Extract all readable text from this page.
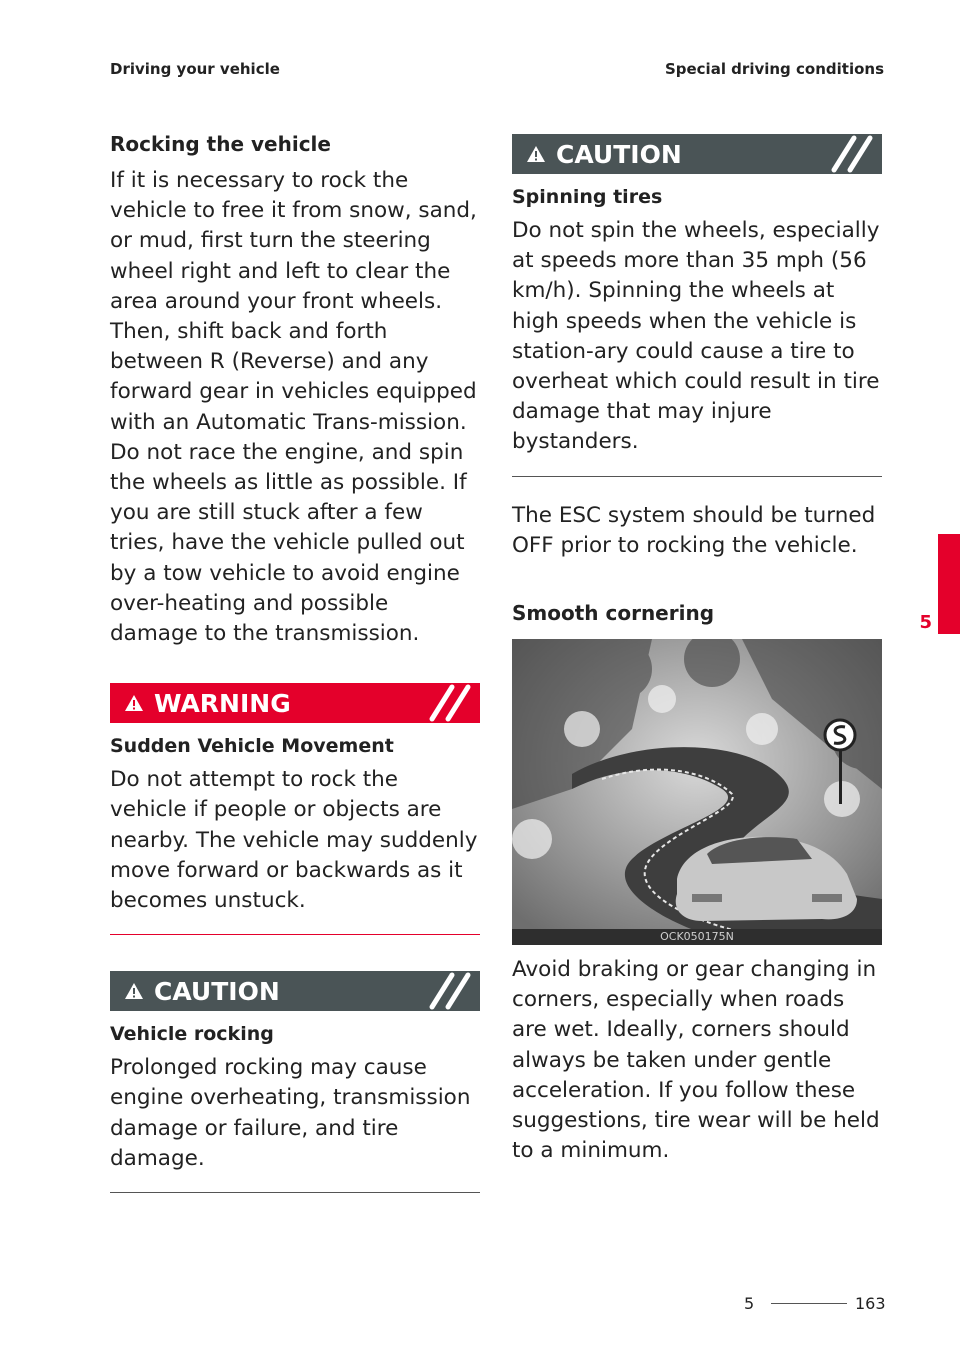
Driving your vehicle	Special driving conditions
Rocking the vehicle

If it is necessary to rock the vehicle to free it from snow, sand, or mud, first turn the steering wheel right and left to clear the area around your front wheels. Then, shift back and forth between R (Reverse) and any forward gear in vehicles equipped with an Automatic Trans-mission. Do not race the engine, and spin the wheels as little as possible. If you are still stuck after a few tries, have the vehicle pulled out by a tow vehicle to avoid engine over-heating and possible damage to the transmission.

WARNING
Sudden Vehicle Movement

Do not attempt to rock the vehicle if people or objects are nearby. The vehicle may suddenly move forward or backwards as it becomes unstuck.

CAUTION
Vehicle rocking

Prolonged rocking may cause engine overheating, transmission damage or failure, and tire damage.

CAUTION
Spinning tires

Do not spin the wheels, especially at speeds more than 35 mph (56 km/h). Spinning the wheels at high speeds when the vehicle is station-ary could cause a tire to overheat which could result in tire damage that may injure bystanders.

The ESC system should be turned OFF prior to rocking the vehicle.

Smooth cornering
OCK050175N

Avoid braking or gear changing in corners, especially when roads are wet. Ideally, corners should always be taken under gentle acceleration. If you follow these suggestions, tire wear will be held to a minimum.

5
5	163
